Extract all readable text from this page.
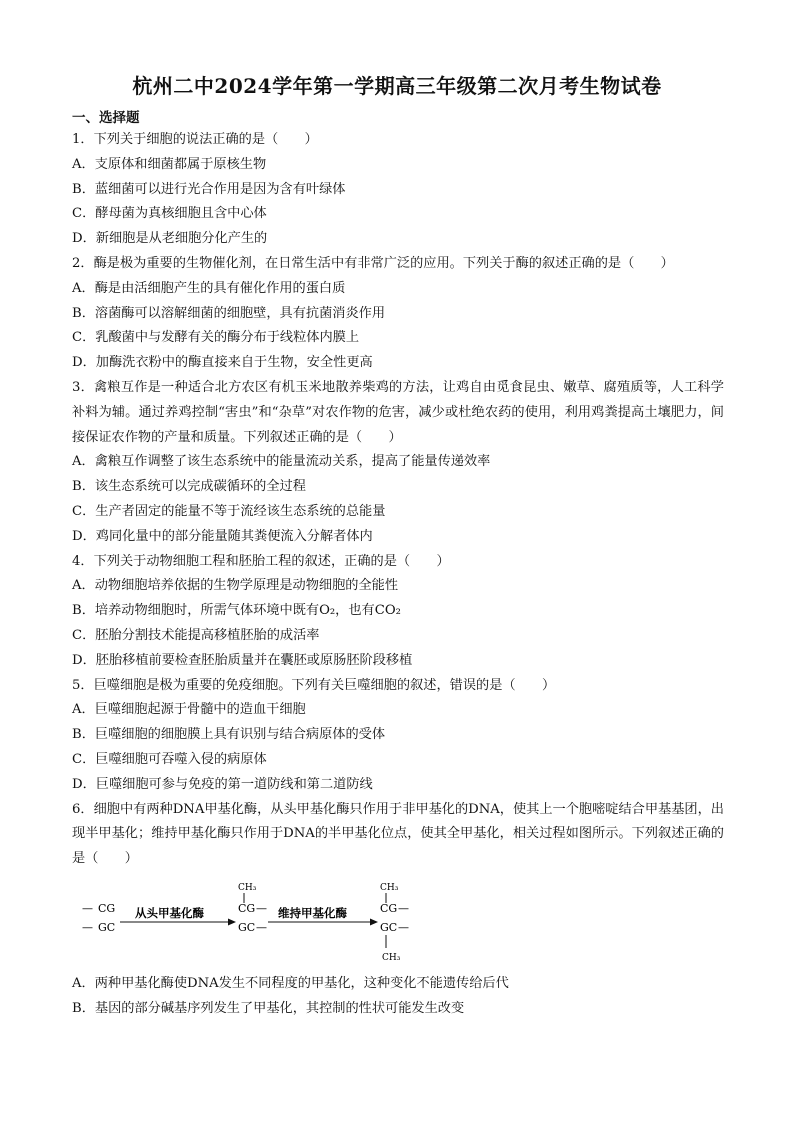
杭州二中2024学年第一学期高三年级第二次月考生物试卷
一、选择题
1．下列关于细胞的说法正确的是（　　）
A．支原体和细菌都属于原核生物
B．蓝细菌可以进行光合作用是因为含有叶绿体
C．酵母菌为真核细胞且含中心体
D．新细胞是从老细胞分化产生的
2．酶是极为重要的生物催化剂，在日常生活中有非常广泛的应用。下列关于酶的叙述正确的是（　　）
A．酶是由活细胞产生的具有催化作用的蛋白质
B．溶菌酶可以溶解细菌的细胞壁，具有抗菌消炎作用
C．乳酸菌中与发酵有关的酶分布于线粒体内膜上
D．加酶洗衣粉中的酶直接来自于生物，安全性更高
3．禽粮互作是一种适合北方农区有机玉米地散养柴鸡的方法，让鸡自由觅食昆虫、嫩草、腐殖质等，人工科学补料为辅。通过养鸡控制“害虫”和“杂草”对农作物的危害，减少或杜绝农药的使用，利用鸡粪提高土壤肥力，间接保证农作物的产量和质量。下列叙述正确的是（　　）
A．禽粮互作调整了该生态系统中的能量流动关系，提高了能量传递效率
B．该生态系统可以完成碳循环的全过程
C．生产者固定的能量不等于流经该生态系统的总能量
D．鸡同化量中的部分能量随其粪便流入分解者体内
4．下列关于动物细胞工程和胚胎工程的叙述，正确的是（　　）
A．动物细胞培养依据的生物学原理是动物细胞的全能性
B．培养动物细胞时，所需气体环境中既有O₂，也有CO₂
C．胚胎分割技术能提高移植胚胎的成活率
D．胚胎移植前要检查胚胎质量并在囊胚或原肠胚阶段移植
5．巨噬细胞是极为重要的免疫细胞。下列有关巨噬细胞的叙述，错误的是（　　）
A．巨噬细胞起源于骨髓中的造血干细胞
B．巨噬细胞的细胞膜上具有识别与结合病原体的受体
C．巨噬细胞可吞噬入侵的病原体
D．巨噬细胞可参与免疫的第一道防线和第二道防线
6．细胞中有两种DNA甲基化酶，从头甲基化酶只作用于非甲基化的DNA，使其上一个胞嘧啶结合甲基基团，出现半甲基化；维持甲基化酶只作用于DNA的半甲基化位点，使其全甲基化，相关过程如图所示。下列叙述正确的是（　　）
— CG
— GC
从头甲基化酶
CH₃
CG
GC
—
—
维持甲基化酶
CH₃
CG
GC
—
—
CH₃
A．两种甲基化酶使DNA发生不同程度的甲基化，这种变化不能遗传给后代
B．基因的部分碱基序列发生了甲基化，其控制的性状可能发生改变
